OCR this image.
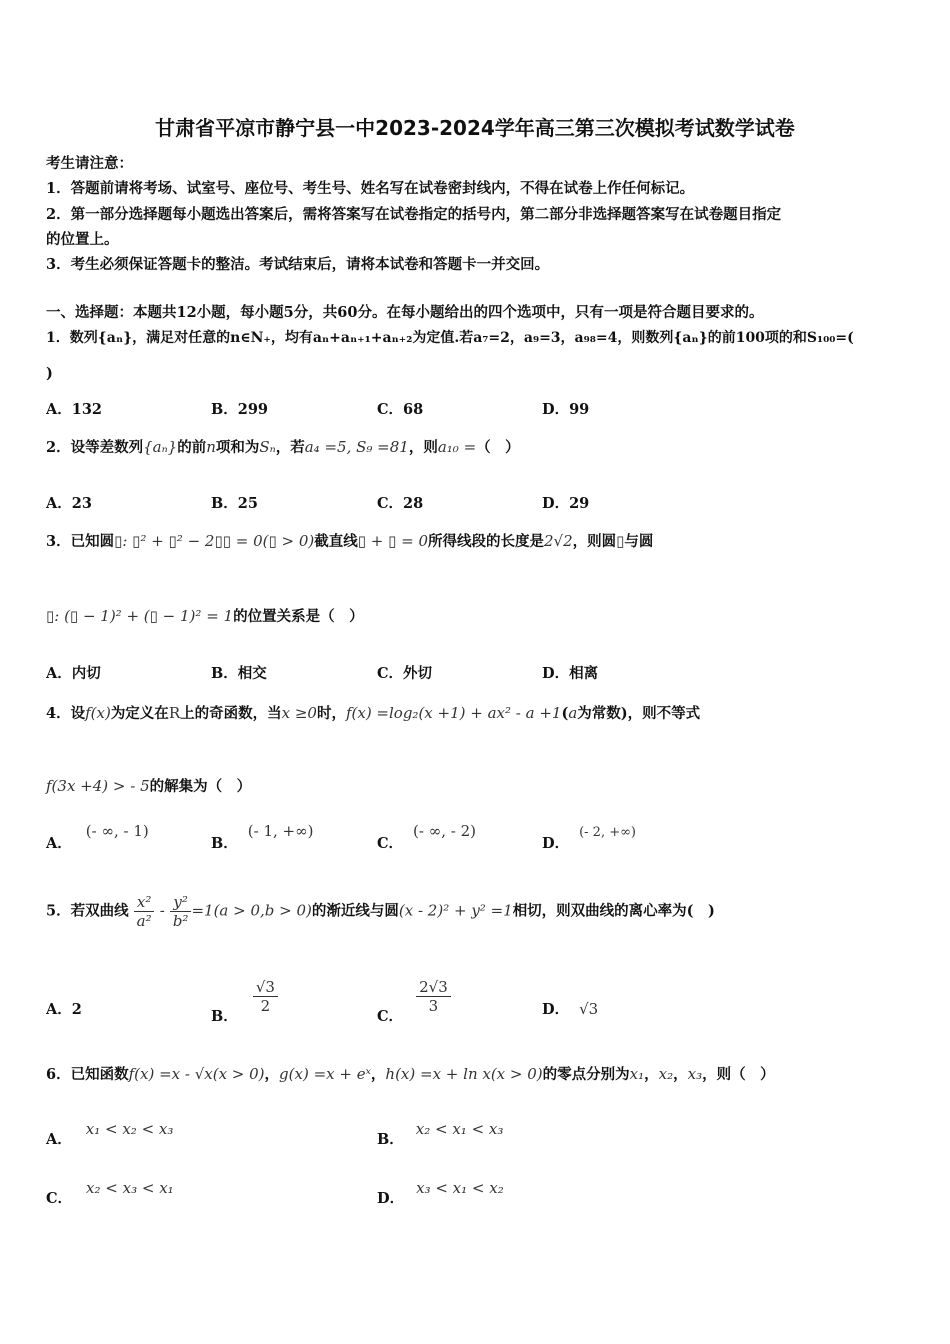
甘肃省平凉市静宁县一中2023-2024学年高三第三次模拟考试数学试卷
考生请注意：
1．答题前请将考场、试室号、座位号、考生号、姓名写在试卷密封线内，不得在试卷上作任何标记。
2．第一部分选择题每小题选出答案后，需将答案写在试卷指定的括号内，第二部分非选择题答案写在试卷题目指定
的位置上。
3．考生必须保证答题卡的整洁。考试结束后，请将本试卷和答题卡一并交回。
一、选择题：本题共12小题，每小题5分，共60分。在每小题给出的四个选项中，只有一项是符合题目要求的。
1．数列{aₙ}，满足对任意的n∈N₊，均有aₙ+aₙ₊₁+aₙ₊₂为定值.若a₇=2，a₉=3，a₉₈=4，则数列{aₙ}的前100项的和S₁₀₀=(
)
A．132	B．299	C．68	D．99
2．设等差数列{aₙ}的前n项和为Sₙ，若a₄ =5, S₉ =81，则a₁₀ =（　）
A．23	B．25	C．28	D．29
3．已知圆▯: ▯² + ▯² − 2▯▯ = 0(▯ > 0)截直线▯ + ▯ = 0所得线段的长度是2√2，则圆▯与圆
▯: (▯ − 1)² + (▯ − 1)² = 1的位置关系是（　）
A．内切	B．相交	C．外切	D．相离
4．设f(x)为定义在R上的奇函数，当x ≥0时，f(x) =log₂(x +1) + ax² - a +1(a为常数)，则不等式
f(3x +4) > - 5的解集为（　）
A．(- ∞, - 1)
B．(- 1, +∞)
C．(- ∞, - 2)
D．(- 2, +∞)
5．若双曲线 $\frac{\text{x²}}{\text{a²}} - \frac{\text{y²}}{\text{b²}} =1(a > 0,b > 0)$的渐近线与圆(x - 2)² + y² =1相切，则双曲线的离心率为(　)
A．2	B．
$\frac{√3}{2}$
C．
$\frac{2√3}{3}$	D． √3
6．已知函数f(x) =x - √x(x > 0)，g(x) =x + eˣ，h(x) =x + ln x(x > 0)的零点分别为x₁，x₂，x₃，则（　）
A．x₁ < x₂ < x₃
B．x₂ < x₁ < x₃
C．x₂ < x₃ < x₁
D．x₃ < x₁ < x₂
